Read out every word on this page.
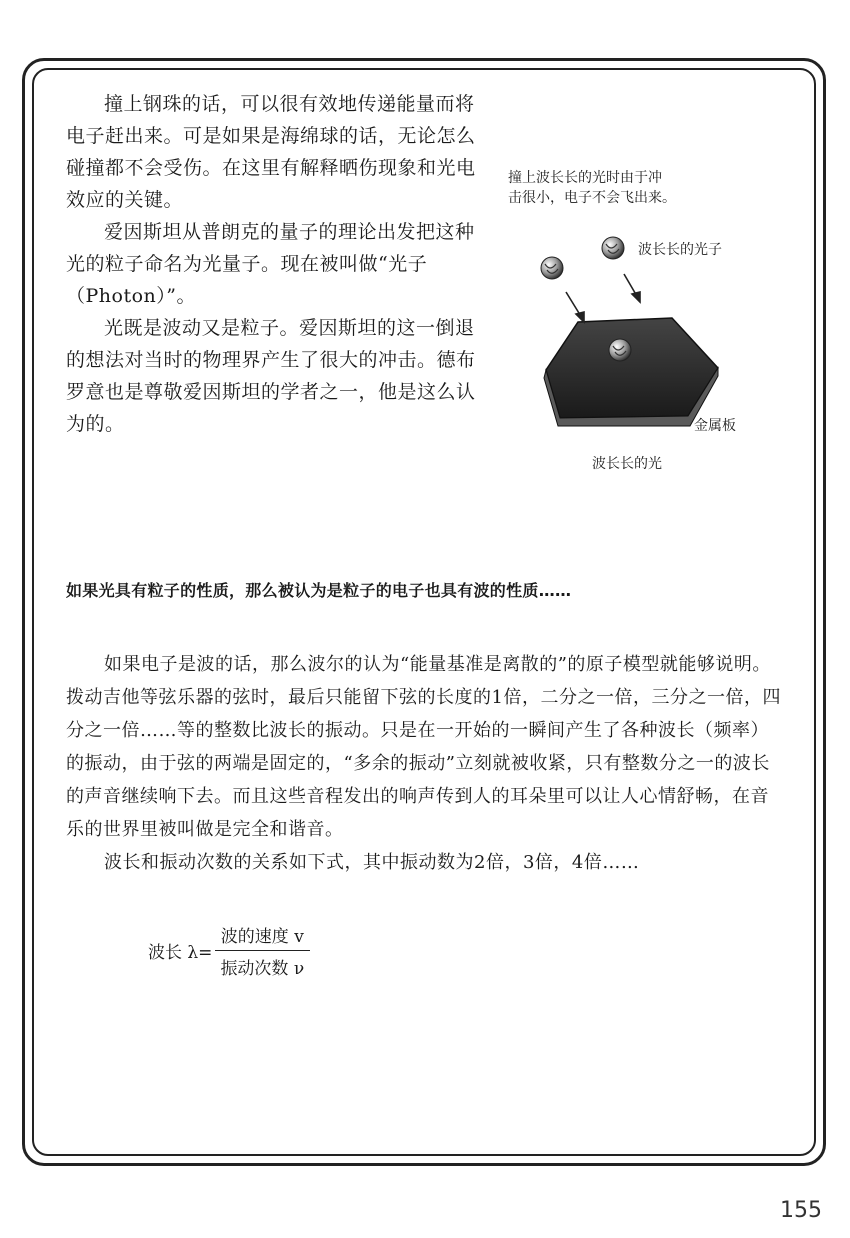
撞上钢珠的话，可以很有效地传递能量而将电子赶出来。可是如果是海绵球的话，无论怎么碰撞都不会受伤。在这里有解释晒伤现象和光电效应的关键。

爱因斯坦从普朗克的量子的理论出发把这种光的粒子命名为光量子。现在被叫做“光子（Photon）”。

光既是波动又是粒子。爱因斯坦的这一倒退的想法对当时的物理界产生了很大的冲击。德布罗意也是尊敬爱因斯坦的学者之一，他是这么认为的。

撞上波长长的光时由于冲
击很小，电子不会飞出来。
波长长的光子
金属板
波长长的光
如果光具有粒子的性质，那么被认为是粒子的电子也具有波的性质……

如果电子是波的话，那么波尔的认为“能量基准是离散的”的原子模型就能够说明。拨动吉他等弦乐器的弦时，最后只能留下弦的长度的1倍，二分之一倍，三分之一倍，四分之一倍……等的整数比波长的振动。只是在一开始的一瞬间产生了各种波长（频率）的振动，由于弦的两端是固定的，“多余的振动”立刻就被收紧，只有整数分之一的波长的声音继续响下去。而且这些音程发出的响声传到人的耳朵里可以让人心情舒畅，在音乐的世界里被叫做是完全和谐音。

波长和振动次数的关系如下式，其中振动数为2倍，3倍，4倍……

波长 $\lambda= \frac{\text{波的速度 v}}{\text{振动次数 ν}}$
155
